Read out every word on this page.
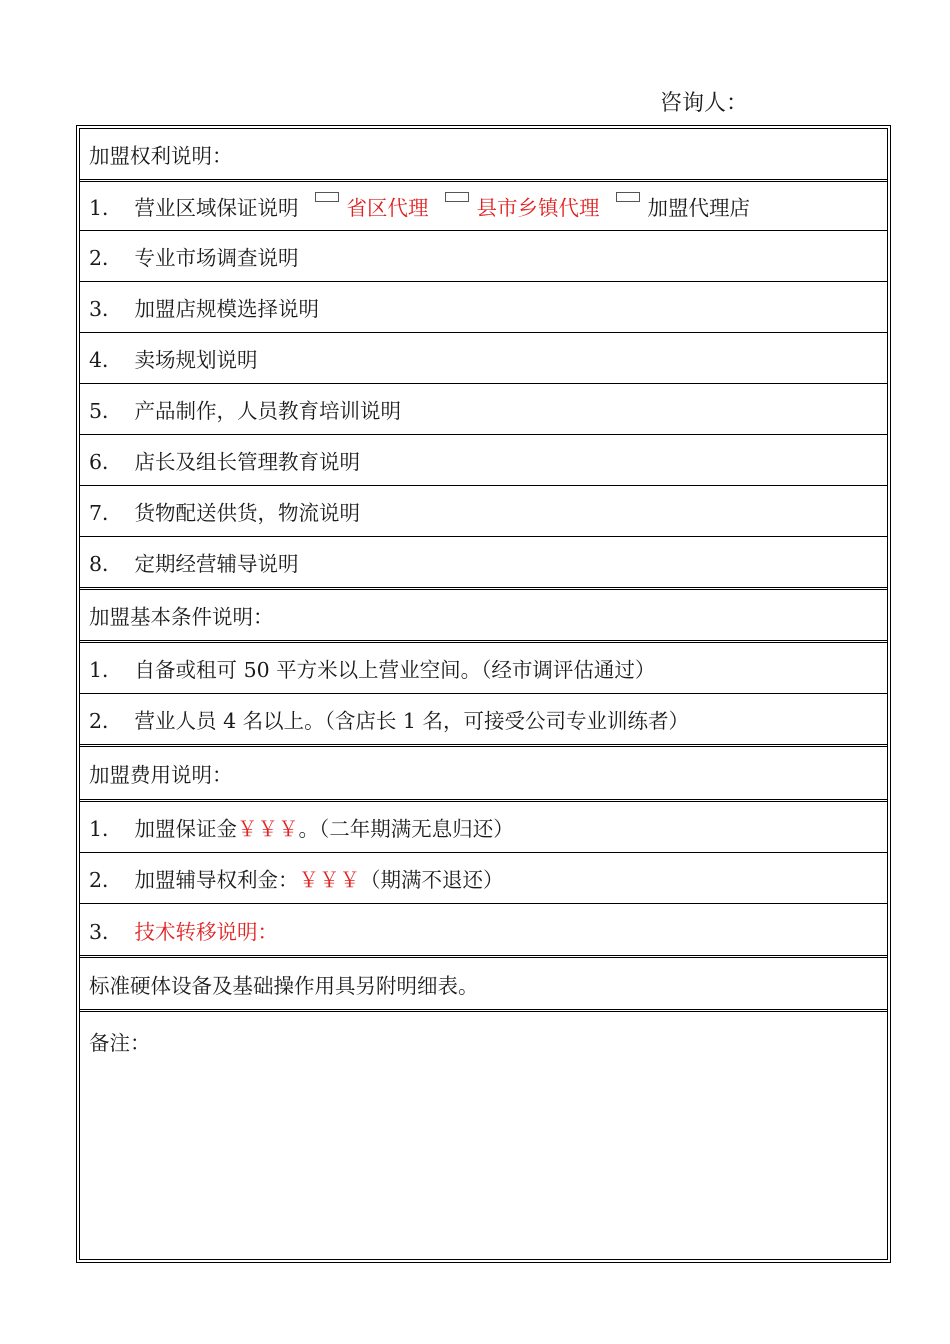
咨询人：
加盟权利说明：
1． 营业区域保证说明 省区代理 县市乡镇代理 加盟代理店
2． 专业市场调查说明
3． 加盟店规模选择说明
4． 卖场规划说明
5． 产品制作，人员教育培训说明
6． 店长及组长管理教育说明
7． 货物配送供货，物流说明
8． 定期经营辅导说明
加盟基本条件说明：
1． 自备或租可 50 平方米以上营业空间。（经市调评估通过）
2． 营业人员 4 名以上。（含店长 1 名，可接受公司专业训练者）
加盟费用说明：
1． 加盟保证金 ￥￥￥ 。（二年期满无息归还）
2． 加盟辅导权利金： ￥￥￥ （期满不退还）
3． 技术转移说明：
标准硬体设备及基础操作用具另附明细表。
备注：
